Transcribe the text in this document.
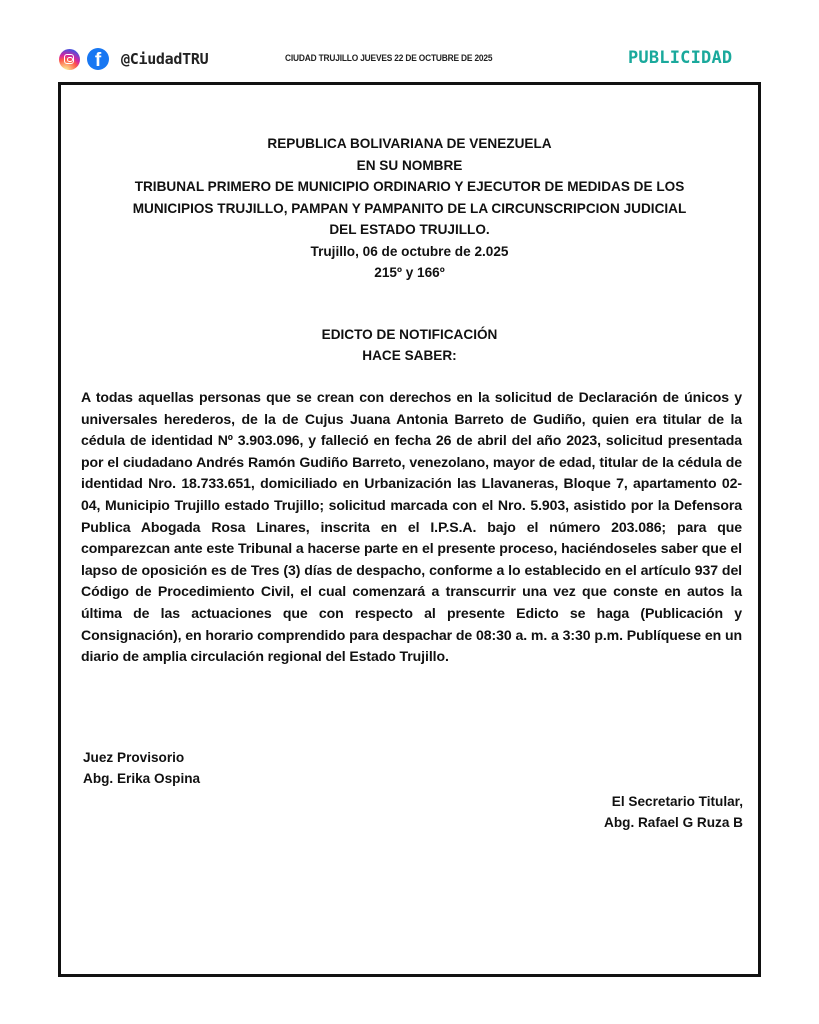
f	@CiudadTRU	CIUDAD TRUJILLO JUEVES 22 DE OCTUBRE DE 2025	PUBLICIDAD
REPUBLICA BOLIVARIANA DE VENEZUELA
EN SU NOMBRE
TRIBUNAL PRIMERO DE MUNICIPIO ORDINARIO Y EJECUTOR DE MEDIDAS DE LOS
MUNICIPIOS TRUJILLO, PAMPAN Y PAMPANITO DE LA CIRCUNSCRIPCION JUDICIAL
DEL ESTADO TRUJILLO.
Trujillo, 06 de octubre de 2.025
215º y 166º
EDICTO DE NOTIFICACIÓN
HACE SABER:
A todas aquellas personas que se crean con derechos en la solicitud de Declaración de únicos y universales herederos, de la de Cujus Juana Antonia Barreto de Gudiño, quien era titular de la cédula de identidad Nº 3.903.096, y falleció en fecha 26 de abril del año 2023, solicitud presentada por el ciudadano Andrés Ramón Gudiño Barreto, venezolano, mayor de edad, titular de la cédula de identidad Nro. 18.733.651, domiciliado en Urbanización las Llavaneras, Bloque 7, apartamento 02-04, Municipio Trujillo estado Trujillo; solicitud marcada con el Nro. 5.903, asistido por la Defensora Publica Abogada Rosa Linares, inscrita en el I.P.S.A. bajo el número 203.086; para que comparezcan ante este Tribunal a hacerse parte en el presente proceso, haciéndoseles saber que el lapso de oposición es de Tres (3) días de despacho, conforme a lo establecido en el artículo 937 del Código de Procedimiento Civil, el cual comenzará a transcurrir una vez que conste en autos la última de las actuaciones que con respecto al presente Edicto se haga (Publicación y Consignación), en horario comprendido para despachar de 08:30 a. m. a 3:30 p.m. Publíquese en un diario de amplia circulación regional del Estado Trujillo.
Juez Provisorio
Abg. Erika Ospina
El Secretario Titular,
Abg. Rafael G Ruza B
